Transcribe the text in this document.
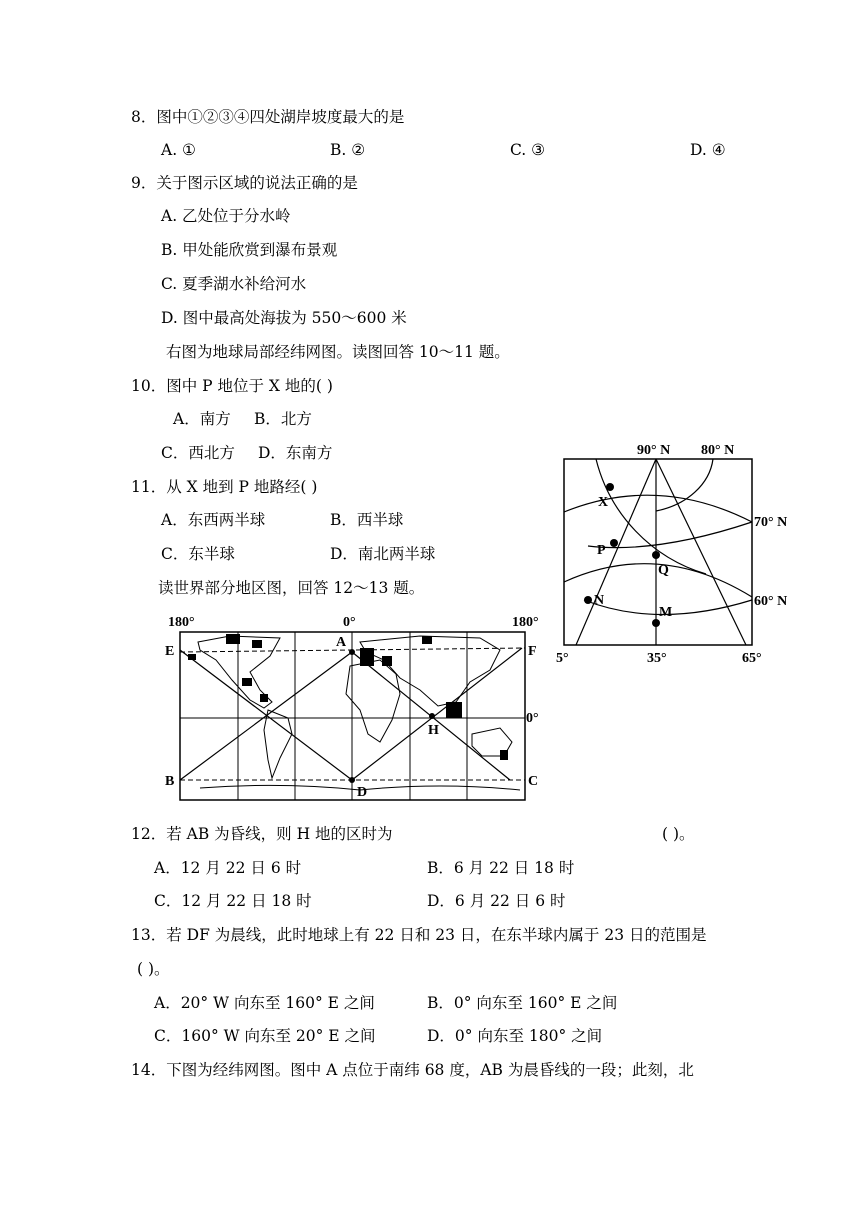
8．图中①②③④四处湖岸坡度最大的是
A. ①	B. ②	C. ③	D. ④
9．关于图示区域的说法正确的是
A. 乙处位于分水岭
B. 甲处能欣赏到瀑布景观
C. 夏季湖水补给河水
D. 图中最高处海拔为 550～600 米
右图为地球局部经纬网图。读图回答 10～11 题。
10．图中 P 地位于 X 地的( )
A．南方 B．北方
C．西北方 D．东南方
11．从 X 地到 P 地路经( )
A．东西两半球	B．西半球
C．东半球	D．南北两半球
读世界部分地区图，回答 12～13 题。
90° N 80° N
70° N
60° N
5°	35°	65°
X
P
Q
N
M
180°	0°	180°
E
B
F
0°
C
A
H
D
12．若 AB 为昏线，则 H 地的区时为	( )。
A．12 月 22 日 6 时	B．6 月 22 日 18 时
C．12 月 22 日 18 时	D．6 月 22 日 6 时
13．若 DF 为晨线，此时地球上有 22 日和 23 日，在东半球内属于 23 日的范围是
( )。
A．20° W 向东至 160° E 之间	B．0° 向东至 160° E 之间
C．160° W 向东至 20° E 之间	D．0° 向东至 180° 之间
14．下图为经纬网图。图中 A 点位于南纬 68 度，AB 为晨昏线的一段；此刻，北
